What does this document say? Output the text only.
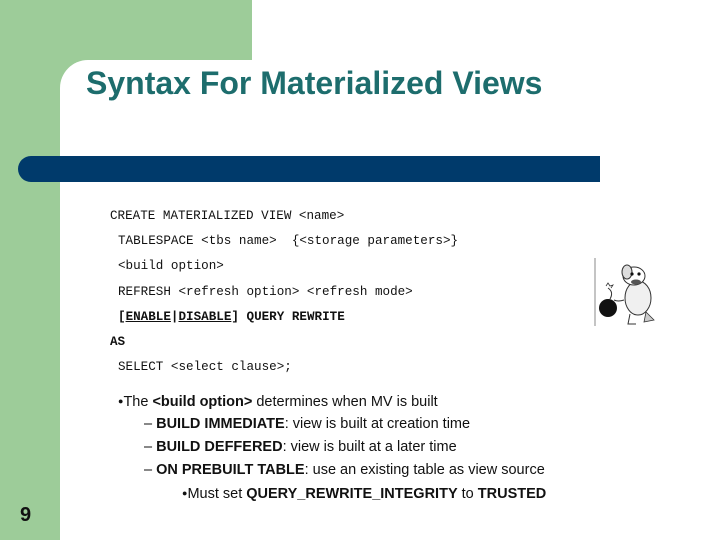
Syntax For Materialized Views
CREATE MATERIALIZED VIEW <name>
TABLESPACE <tbs name>  {<storage parameters>}
<build option>
REFRESH <refresh option> <refresh mode>
[ENABLE|DISABLE] QUERY REWRITE
AS
SELECT <select clause>;
●The <build option> determines when MV is built
– BUILD IMMEDIATE: view is built at creation time
– BUILD DEFFERED: view is built at a later time
– ON PREBUILT TABLE: use an existing table as view source
●Must set QUERY_REWRITE_INTEGRITY to TRUSTED
9
